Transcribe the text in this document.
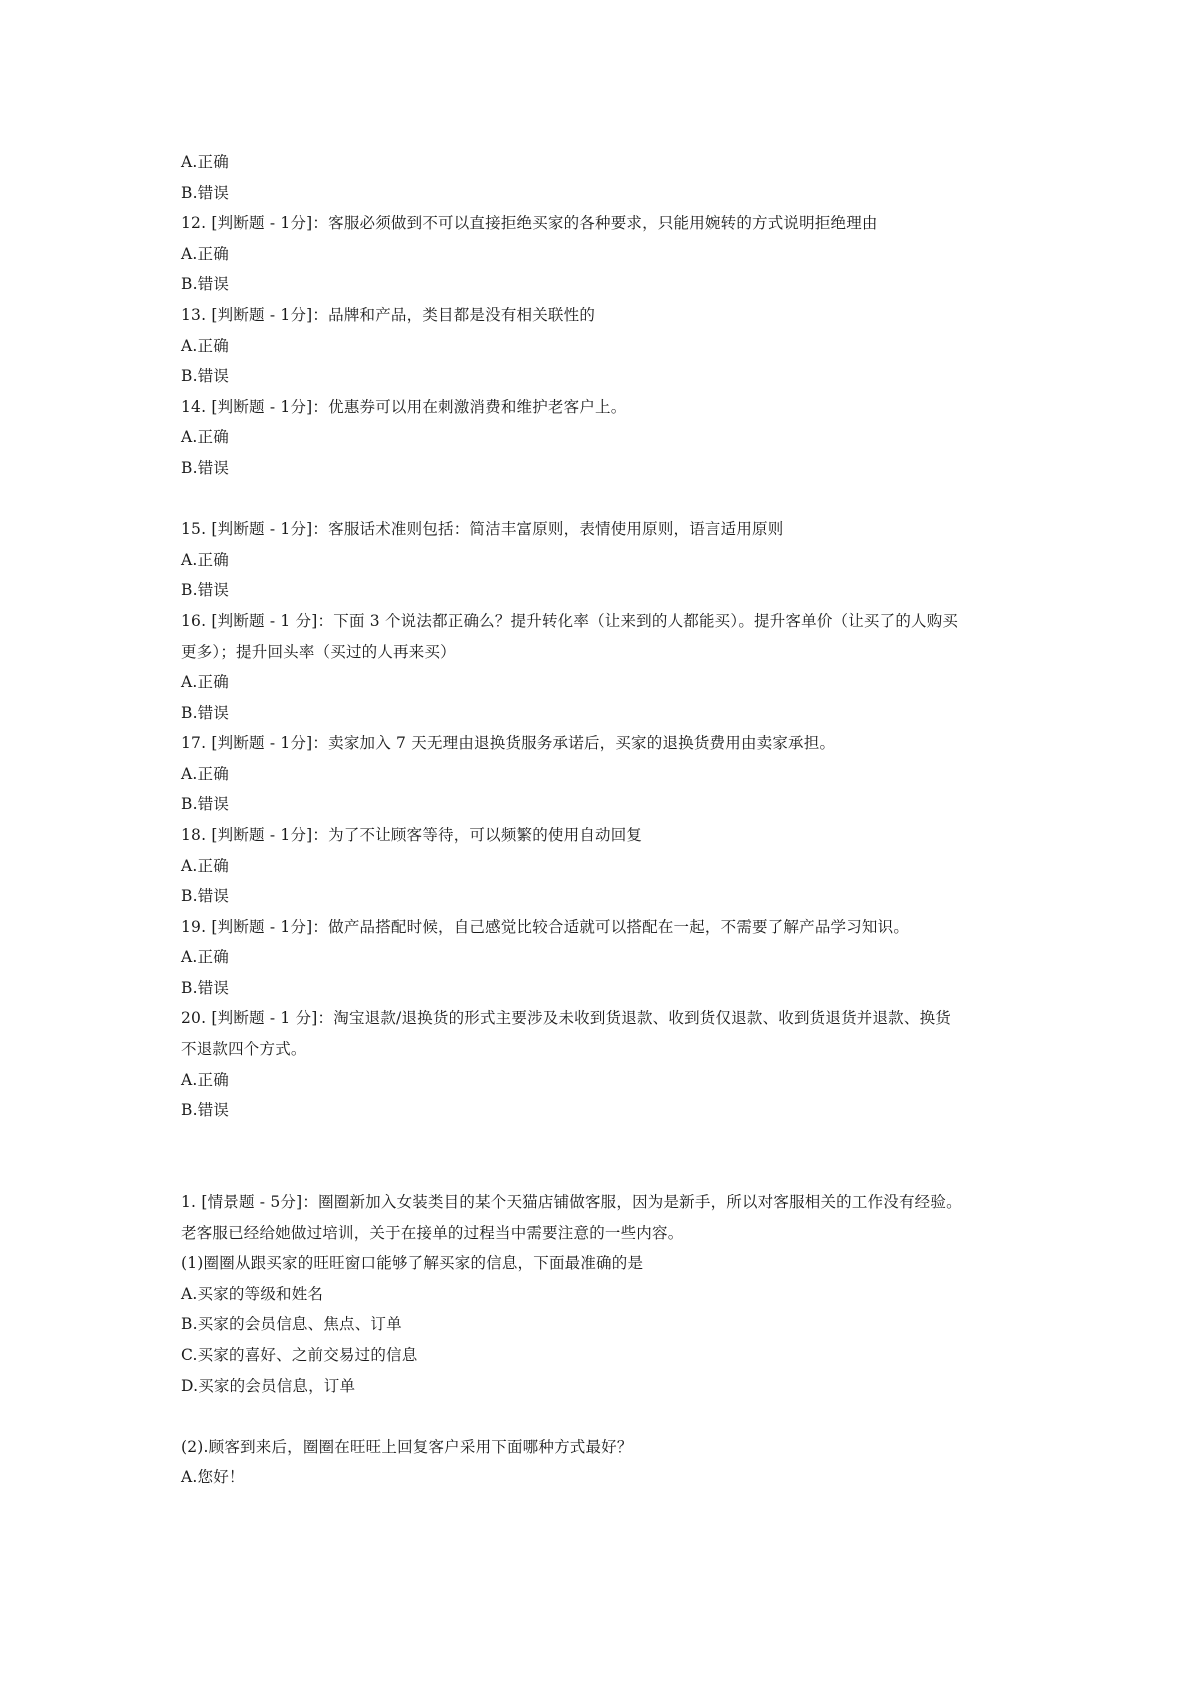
A.正确
B.错误
12. [判断题 - 1分]：客服必须做到不可以直接拒绝买家的各种要求，只能用婉转的方式说明拒绝理由
A.正确
B.错误
13. [判断题 - 1分]：品牌和产品，类目都是没有相关联性的
A.正确
B.错误
14. [判断题 - 1分]：优惠券可以用在刺激消费和维护老客户上。
A.正确
B.错误
15. [判断题 - 1分]：客服话术准则包括：简洁丰富原则，表情使用原则，语言适用原则
A.正确
B.错误
16. [判断题 - 1 分]：下面 3 个说法都正确么？提升转化率（让来到的人都能买）。提升客单价（让买了的人购买
更多）；提升回头率（买过的人再来买）
A.正确
B.错误
17. [判断题 - 1分]：卖家加入 7 天无理由退换货服务承诺后，买家的退换货费用由卖家承担。
A.正确
B.错误
18. [判断题 - 1分]：为了不让顾客等待，可以频繁的使用自动回复
A.正确
B.错误
19. [判断题 - 1分]：做产品搭配时候，自己感觉比较合适就可以搭配在一起，不需要了解产品学习知识。
A.正确
B.错误
20. [判断题 - 1 分]：淘宝退款/退换货的形式主要涉及未收到货退款、收到货仅退款、收到货退货并退款、换货
不退款四个方式。
A.正确
B.错误
1. [情景题 - 5分]：圈圈新加入女装类目的某个天猫店铺做客服，因为是新手，所以对客服相关的工作没有经验。
老客服已经给她做过培训，关于在接单的过程当中需要注意的一些内容。
(1)圈圈从跟买家的旺旺窗口能够了解买家的信息，下面最准确的是
A.买家的等级和姓名
B.买家的会员信息、焦点、订单
C.买家的喜好、之前交易过的信息
D.买家的会员信息，订单
(2).顾客到来后，圈圈在旺旺上回复客户采用下面哪种方式最好？
A.您好！
